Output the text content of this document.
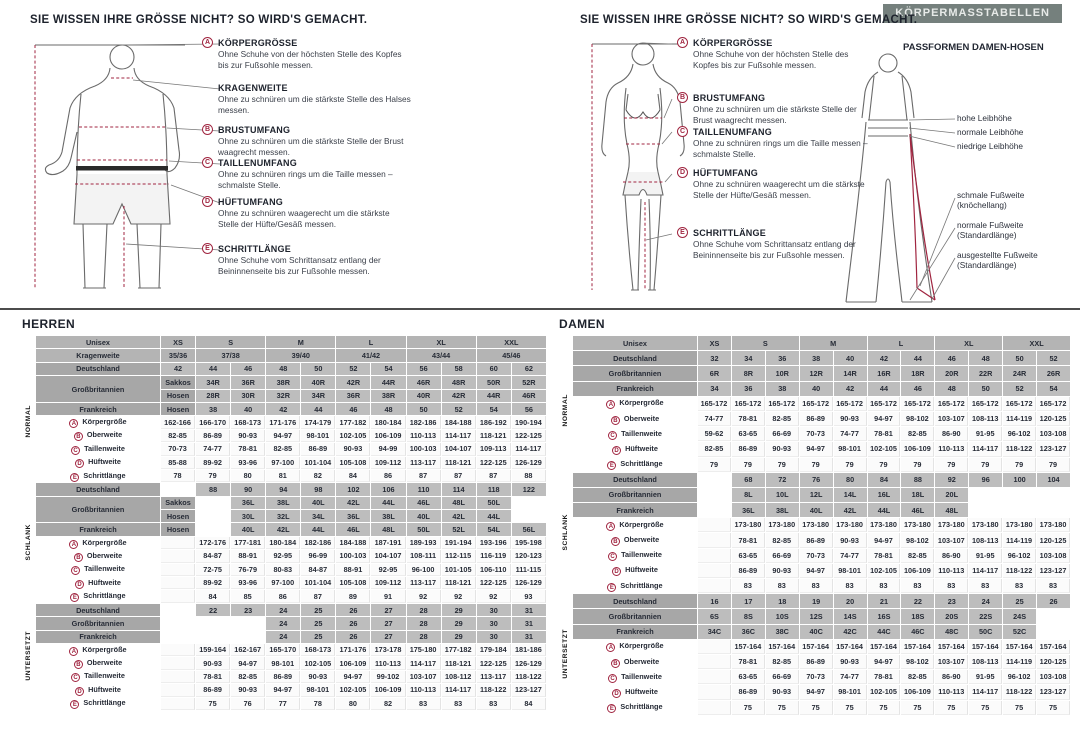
KÖRPERMASSTABELLEN
SIE WISSEN IHRE GRÖSSE NICHT? SO WIRD'S GEMACHT.	SIE WISSEN IHRE GRÖSSE NICHT? SO WIRD'S GEMACHT.
A KÖRPERGRÖSSE
Ohne Schuhe von der höchsten Stelle des Kopfes bis zur Fußsohle messen.
KRAGENWEITE
Ohne zu schnüren um die stärkste Stelle des Halses messen.
B BRUSTUMFANG
Ohne zu schnüren um die stärkste Stelle der Brust waagrecht messen.
C TAILLENUMFANG
Ohne zu schnüren rings um die Taille messen – schmalste Stelle.
D HÜFTUMFANG
Ohne zu schnüren waagerecht um die stärkste Stelle der Hüfte/Gesäß messen.
E SCHRITTLÄNGE
Ohne Schuhe vom Schrittansatz entlang der Beininnenseite bis zur Fußsohle messen.
A KÖRPERGRÖSSE
Ohne Schuhe von der höchsten Stelle des Kopfes bis zur Fußsohle messen.
B BRUSTUMFANG
Ohne zu schnüren um die stärkste Stelle der Brust waagrecht messen.
C TAILLENUMFANG
Ohne zu schnüren rings um die Taille messen – schmalste Stelle.
D HÜFTUMFANG
Ohne zu schnüren waagerecht um die stärkste Stelle der Hüfte/Gesäß messen.
E SCHRITTLÄNGE
Ohne Schuhe vom Schrittansatz entlang der Beininnenseite bis zur Fußsohle messen.
PASSFORMEN DAMEN-HOSEN
hohe Leibhöhe
normale Leibhöhe
niedrige Leibhöhe
schmale Fußweite
(knöchellang)
normale Fußweite
(Standardlänge)
ausgestellte Fußweite
(Standardlänge)
HERREN
	Unisex	XS	S		M		L		XL		XXL	
	Kragenweite	35/36	37/38		39/40		41/42		43/44		45/46	
NORMAL	Deutschland	42	44	46	48	50	52	54	56	58	60	62
	Großbritannien	Sakkos	34R	36R	38R	40R	42R	44R	46R	48R	50R	52R
		Hosen	28R	30R	32R	34R	36R	38R	40R	42R	44R	46R
	Frankreich	Hosen	38	40	42	44	46	48	50	52	54	56
	A Körpergröße	162-166	166-170	168-173	171-176	174-179	177-182	180-184	182-186	184-188	186-192	190-194
	B Oberweite	82-85	86-89	90-93	94-97	98-101	102-105	106-109	110-113	114-117	118-121	122-125
	C Taillenweite	70-73	74-77	78-81	82-85	86-89	90-93	94-99	100-103	104-107	109-113	114-117
	D Hüftweite	85-88	89-92	93-96	97-100	101-104	105-108	109-112	113-117	118-121	122-125	126-129
	E Schrittlänge	78	79	80	81	82	84	86	87	87	87	88
SCHLANK	Deutschland		88	90	94	98	102	106	110	114	118	122
	Großbritannien	Sakkos		36L	38L	40L	42L	44L	46L	48L	50L	
		Hosen		30L	32L	34L	36L	38L	40L	42L	44L	
	Frankreich	Hosen		40L	42L	44L	46L	48L	50L	52L	54L	56L
	A Körpergröße		172-176	177-181	180-184	182-186	184-188	187-191	189-193	191-194	193-196	195-198
	B Oberweite		84-87	88-91	92-95	96-99	100-103	104-107	108-111	112-115	116-119	120-123
	C Taillenweite		72-75	76-79	80-83	84-87	88-91	92-95	96-100	101-105	106-110	111-115
	D Hüftweite		89-92	93-96	97-100	101-104	105-108	109-112	113-117	118-121	122-125	126-129
	E Schrittlänge		84	85	86	87	89	91	92	92	92	93
UNTERSETZT	Deutschland		22	23	24	25	26	27	28	29	30	31
	Großbritannien				24	25	26	27	28	29	30	31
	Frankreich				24	25	26	27	28	29	30	31
	A Körpergröße		159-164	162-167	165-170	168-173	171-176	173-178	175-180	177-182	179-184	181-186
	B Oberweite		90-93	94-97	98-101	102-105	106-109	110-113	114-117	118-121	122-125	126-129
	C Taillenweite		78-81	82-85	86-89	90-93	94-97	99-102	103-107	108-112	113-117	118-122
	D Hüftweite		86-89	90-93	94-97	98-101	102-105	106-109	110-113	114-117	118-122	123-127
	E Schrittlänge		75	76	77	78	80	82	83	83	83	84
DAMEN
	Unisex	XS	S		M		L		XL		XXL	
NORMAL	Deutschland	32	34	36	38	40	42	44	46	48	50	52
	Großbritannien	6R	8R	10R	12R	14R	16R	18R	20R	22R	24R	26R
	Frankreich	34	36	38	40	42	44	46	48	50	52	54
	A Körpergröße	165-172	165-172	165-172	165-172	165-172	165-172	165-172	165-172	165-172	165-172	165-172
	B Oberweite	74-77	78-81	82-85	86-89	90-93	94-97	98-102	103-107	108-113	114-119	120-125
	C Taillenweite	59-62	63-65	66-69	70-73	74-77	78-81	82-85	86-90	91-95	96-102	103-108
	D Hüftweite	82-85	86-89	90-93	94-97	98-101	102-105	106-109	110-113	114-117	118-122	123-127
	E Schrittlänge	79	79	79	79	79	79	79	79	79	79	79
SCHLANK	Deutschland		68	72	76	80	84	88	92	96	100	104
	Großbritannien		8L	10L	12L	14L	16L	18L	20L			
	Frankreich		36L	38L	40L	42L	44L	46L	48L			
	A Körpergröße		173-180	173-180	173-180	173-180	173-180	173-180	173-180	173-180	173-180	173-180
	B Oberweite		78-81	82-85	86-89	90-93	94-97	98-102	103-107	108-113	114-119	120-125
	C Taillenweite		63-65	66-69	70-73	74-77	78-81	82-85	86-90	91-95	96-102	103-108
	D Hüftweite		86-89	90-93	94-97	98-101	102-105	106-109	110-113	114-117	118-122	123-127
	E Schrittlänge		83	83	83	83	83	83	83	83	83	83
UNTERSETZT	Deutschland	16	17	18	19	20	21	22	23	24	25	26
	Großbritannien	6S	8S	10S	12S	14S	16S	18S	20S	22S	24S	
	Frankreich	34C	36C	38C	40C	42C	44C	46C	48C	50C	52C	
	A Körpergröße		157-164	157-164	157-164	157-164	157-164	157-164	157-164	157-164	157-164	157-164
	B Oberweite		78-81	82-85	86-89	90-93	94-97	98-102	103-107	108-113	114-119	120-125
	C Taillenweite		63-65	66-69	70-73	74-77	78-81	82-85	86-90	91-95	96-102	103-108
	D Hüftweite		86-89	90-93	94-97	98-101	102-105	106-109	110-113	114-117	118-122	123-127
	E Schrittlänge		75	75	75	75	75	75	75	75	75	75
